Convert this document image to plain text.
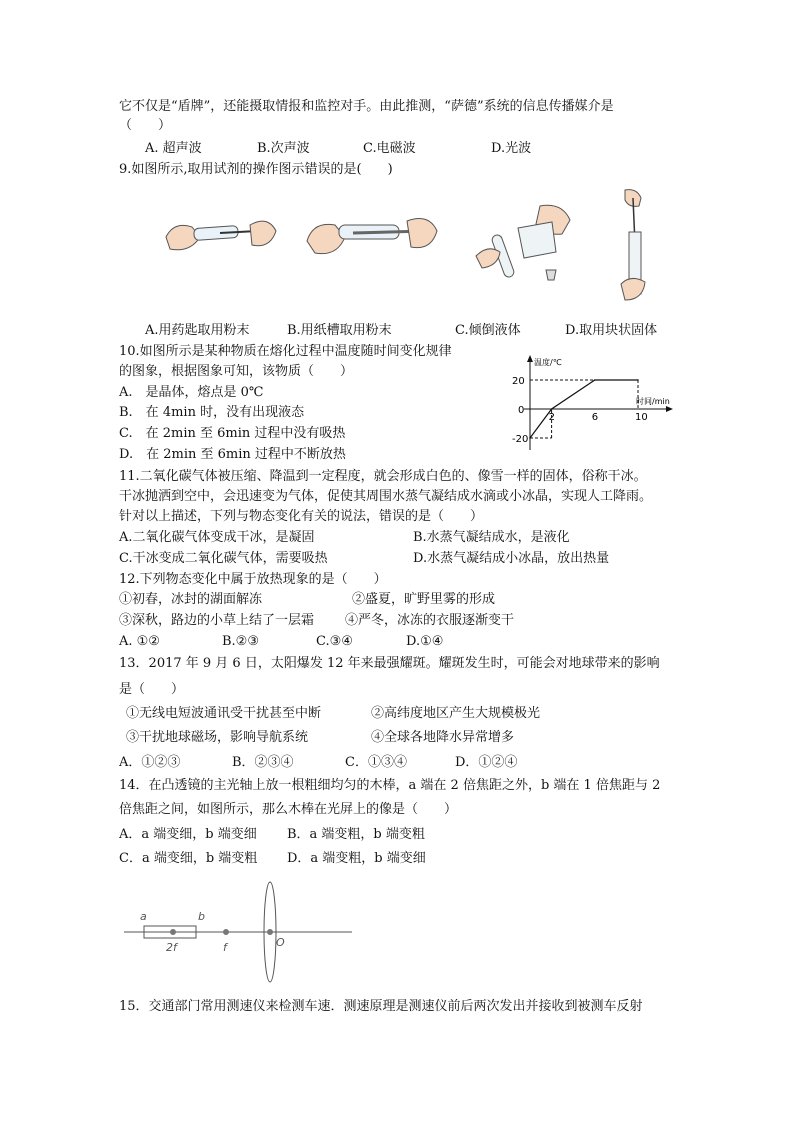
它不仅是“盾牌”，还能摄取情报和监控对手。由此推测，“萨德”系统的信息传播媒介是
（　　）
A. 超声波	B.次声波	C.电磁波	D.光波
9.如图所示,取用试剂的操作图示错误的是(　　)
A.用药匙取用粉末	B.用纸槽取用粉末	C.倾倒液体	D.取用块状固体
10.如图所示是某种物质在熔化过程中温度随时间变化规律
的图象，根据图象可知，该物质（　　）
A.　是晶体，熔点是 0℃
B.　在 4min 时，没有出现液态
C.　在 2min 至 6min 过程中没有吸热
D.　在 2min 至 6min 过程中不断放热
温度/℃
时间/min
0
20
-20
2	6	10
11.二氧化碳气体被压缩、降温到一定程度，就会形成白色的、像雪一样的固体，俗称干冰。
干冰抛洒到空中，会迅速变为气体，促使其周围水蒸气凝结成水滴或小冰晶，实现人工降雨。
针对以上描述，下列与物态变化有关的说法，错误的是（　　）
A.二氧化碳气体变成干冰，是凝固	B.水蒸气凝结成水，是液化
C.干冰变成二氧化碳气体，需要吸热	D.水蒸气凝结成小冰晶，放出热量
12.下列物态变化中属于放热现象的是（　　）
①初春，冰封的湖面解冻	②盛夏，旷野里雾的形成
③深秋，路边的小草上结了一层霜 ④严冬，冰冻的衣服逐渐变干
A. ①②	B.②③	C.③④	D.①④
13．2017 年 9 月 6 日，太阳爆发 12 年来最强耀斑。耀斑发生时，可能会对地球带来的影响
是（　　）
①无线电短波通讯受干扰甚至中断	②高纬度地区产生大规模极光
③干扰地球磁场，影响导航系统	④全球各地降水异常增多
A．①②③	B．②③④	C．①③④	D．①②④
14．在凸透镜的主光轴上放一根粗细均匀的木棒，a 端在 2 倍焦距之外，b 端在 1 倍焦距与 2
倍焦距之间，如图所示，那么木棒在光屏上的像是（　　）
A．a 端变细，b 端变细 B．a 端变粗，b 端变粗
C．a 端变细，b 端变粗 D．a 端变粗，b 端变细
a	b
2f	f	O
15．交通部门常用测速仪来检测车速．测速原理是测速仪前后两次发出并接收到被测车反射
